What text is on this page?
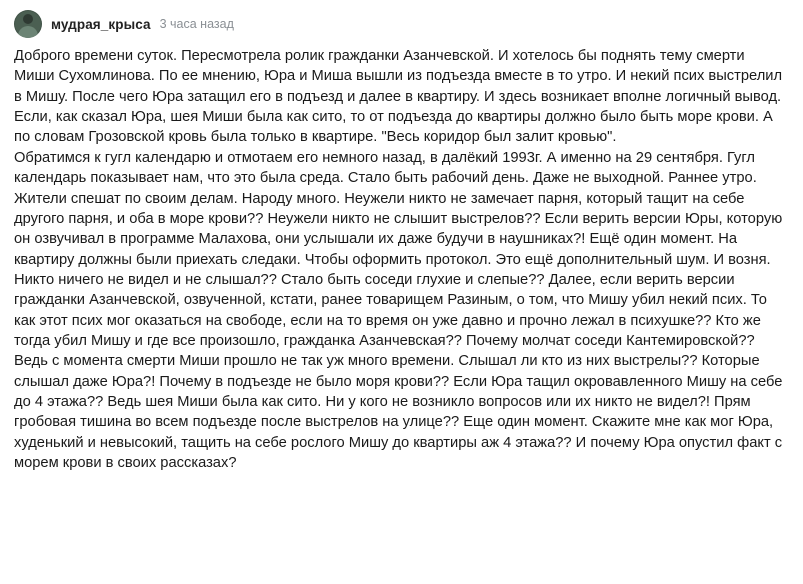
мудрая_крыса 3 часа назад

Доброго времени суток. Пересмотрела ролик гражданки Азанчевской. И хотелось бы поднять тему смерти Миши Сухомлинова. По ее мнению, Юра и Миша вышли из подъезда вместе в то утро. И некий псих выстрелил в Мишу. После чего Юра затащил его в подъезд и далее в квартиру. И здесь возникает вполне логичный вывод. Если, как сказал Юра, шея Миши была как сито, то от подъезда до квартиры должно было быть море крови. А по словам Грозовской кровь была только в квартире. "Весь коридор был залит кровью".

Обратимся к гугл календарю и отмотаем его немного назад, в далёкий 1993г. А именно на 29 сентября. Гугл календарь показывает нам, что это была среда. Стало быть рабочий день. Даже не выходной. Раннее утро. Жители спешат по своим делам. Народу много. Неужели никто не замечает парня, который тащит на себе другого парня, и оба в море крови?? Неужели никто не слышит выстрелов?? Если верить версии Юры, которую он озвучивал в программе Малахова, они услышали их даже будучи в наушниках?! Ещё один момент. На квартиру должны были приехать следаки. Чтобы оформить протокол. Это ещё дополнительный шум. И возня. Никто ничего не видел и не слышал?? Стало быть соседи глухие и слепые?? Далее, если верить версии гражданки Азанчевской, озвученной, кстати, ранее товарищем Разиным, о том, что Мишу убил некий псих. То как этот псих мог оказаться на свободе, если на то время он уже давно и прочно лежал в психушке?? Кто же тогда убил Мишу и где все произошло, гражданка Азанчевская?? Почему молчат соседи Кантемировской?? Ведь с момента смерти Миши прошло не так уж много времени. Слышал ли кто из них выстрелы?? Которые слышал даже Юра?! Почему в подъезде не было моря крови?? Если Юра тащил окровавленного Мишу на себе до 4 этажа?? Ведь шея Миши была как сито. Ни у кого не возникло вопросов или их никто не видел?! Прям гробовая тишина во всем подъезде после выстрелов на улице?? Еще один момент. Скажите мне как мог Юра, худенький и невысокий, тащить на себе рослого Мишу до квартиры аж 4 этажа?? И почему Юра опустил факт с морем крови в своих рассказах?
